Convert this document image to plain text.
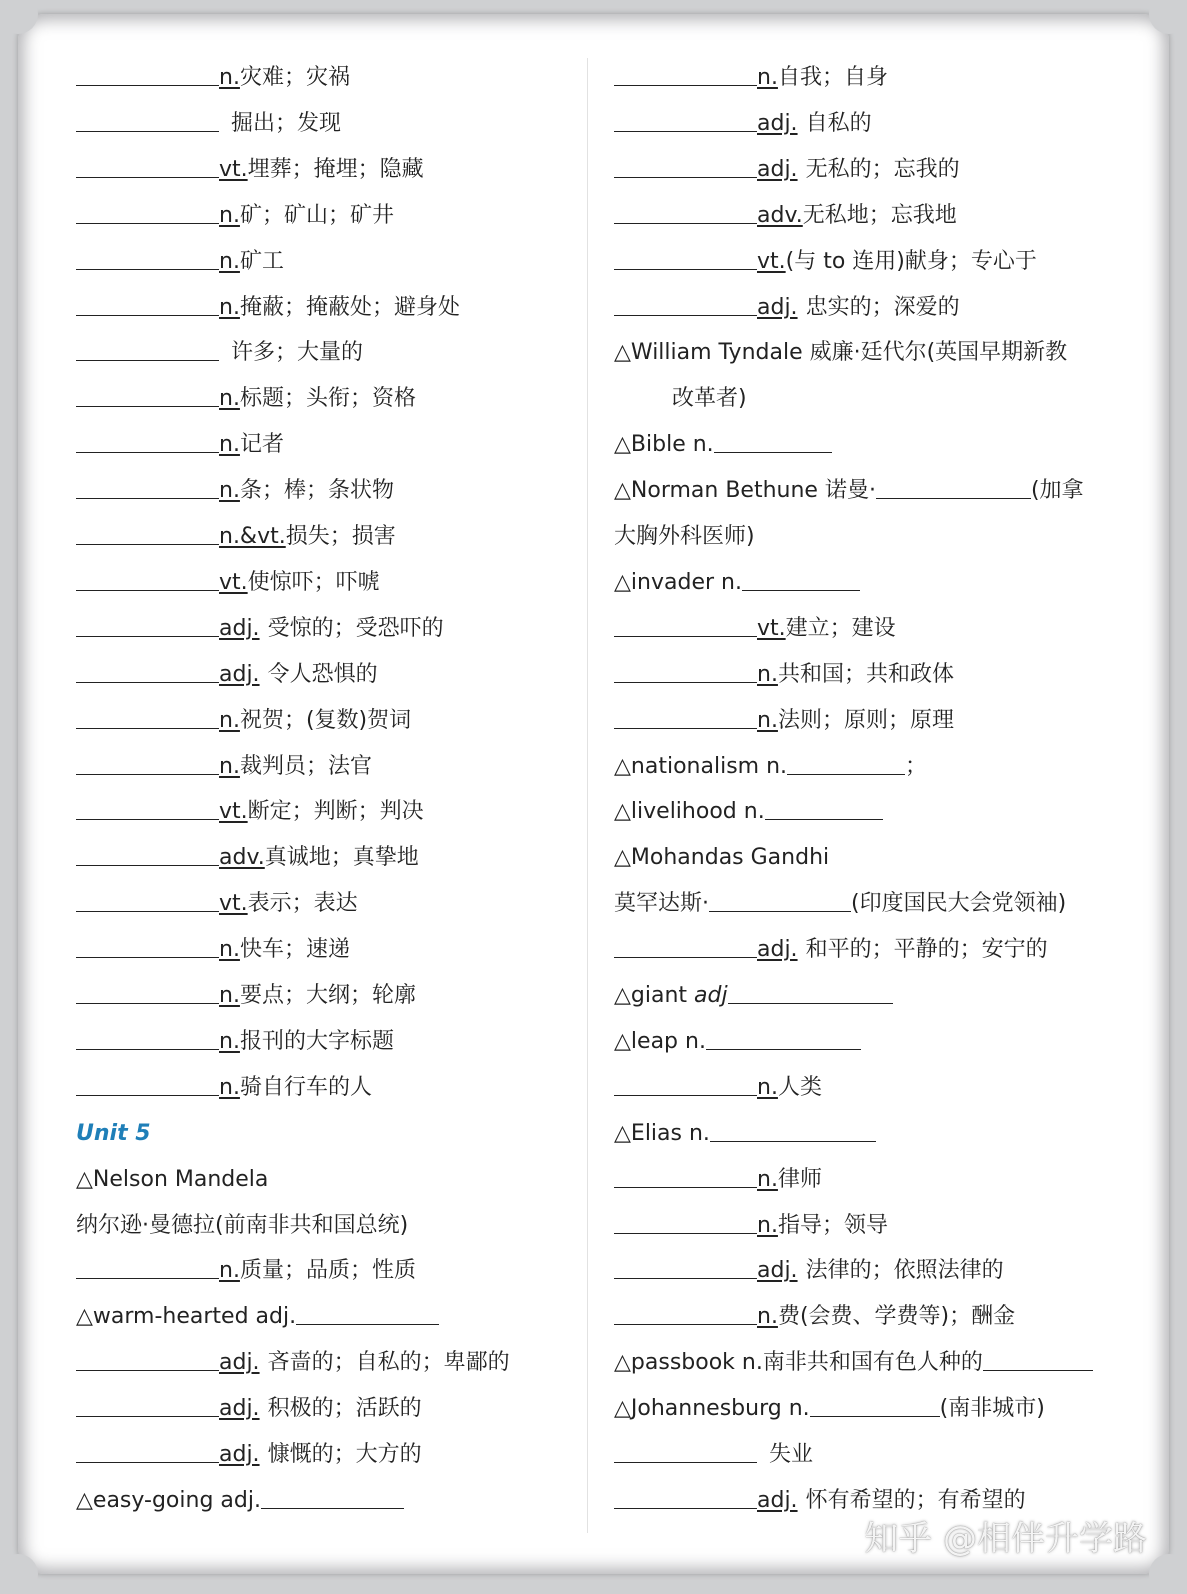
n.灾难；灾祸
掘出；发现
vt.埋葬；掩埋；隐藏
n.矿；矿山；矿井
n.矿工
n.掩蔽；掩蔽处；避身处
许多；大量的
n.标题；头衔；资格
n.记者
n.条；棒；条状物
n.&vt.损失；损害
vt.使惊吓；吓唬
adj. 受惊的；受恐吓的
adj. 令人恐惧的
n.祝贺；(复数)贺词
n.裁判员；法官
vt.断定；判断；判决
adv.真诚地；真挚地
vt.表示；表达
n.快车；速递
n.要点；大纲；轮廓
n.报刊的大字标题
n.骑自行车的人
Unit 5
△Nelson Mandela
纳尔逊·曼德拉(前南非共和国总统)
n.质量；品质；性质
△warm-hearted adj.
adj. 吝啬的；自私的；卑鄙的
adj. 积极的；活跃的
adj. 慷慨的；大方的
△easy-going adj.
n.自我；自身
adj. 自私的
adj. 无私的；忘我的
adv.无私地；忘我地
vt.(与 to 连用)献身；专心于
adj. 忠实的；深爱的
△William Tyndale 威廉·廷代尔(英国早期新教
改革者)
△Bible n.
△Norman Bethune 诺曼·	(加拿
大胸外科医师)
△invader n.
vt.建立；建设
n.共和国；共和政体
n.法则；原则；原理
△nationalism n.	；
△livelihood n.
△Mohandas Gandhi
莫罕达斯·	(印度国民大会党领袖)
adj. 和平的；平静的；安宁的
△giant adj
△leap n.
n.人类
△Elias n.
n.律师
n.指导；领导
adj. 法律的；依照法律的
n.费(会费、学费等)；酬金
△passbook n.南非共和国有色人种的
△Johannesburg n.	(南非城市)
失业
adj. 怀有希望的；有希望的
知乎 @相伴升学路
